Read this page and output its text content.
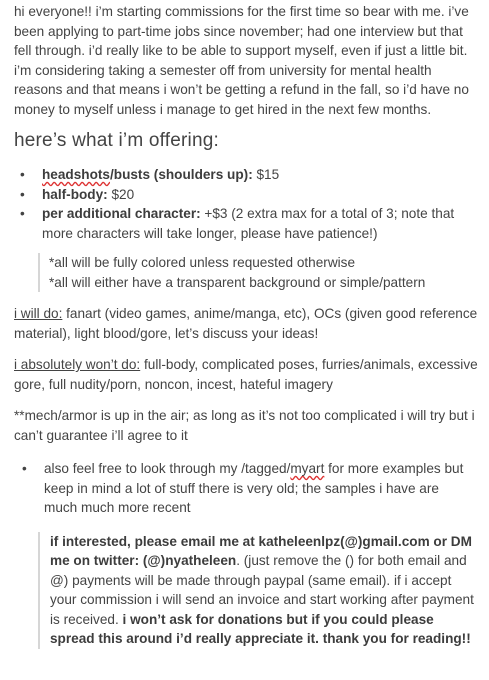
hi everyone!! i’m starting commissions for the first time so bear with me. i’ve been applying to part-time jobs since november; had one interview but that fell through. i’d really like to be able to support myself, even if just a little bit. i’m considering taking a semester off from university for mental health reasons and that means i won’t be getting a refund in the fall, so i’d have no money to myself unless i manage to get hired in the next few months.

here’s what i’m offering:
• headshots/busts (shoulders up): $15
• half-body: $20
• per additional character: +$3 (2 extra max for a total of 3; note that more characters will take longer, please have patience!)

*all will be fully colored unless requested otherwise

*all will either have a transparent background or simple/pattern

i will do: fanart (video games, anime/manga, etc), OCs (given good reference material), light blood/gore, let’s discuss your ideas!

i absolutely won’t do: full-body, complicated poses, furries/animals, excessive gore, full nudity/porn, noncon, incest, hateful imagery

**mech/armor is up in the air; as long as it’s not too complicated i will try but i can’t guarantee i’ll agree to it

• also feel free to look through my /tagged/myart for more examples but keep in mind a lot of stuff there is very old; the samples i have are much much more recent

if interested, please email me at katheleenlpz(@)gmail.com or DM me on twitter: (@)nyatheleen. (just remove the () for both email and @) payments will be made through paypal (same email). if i accept your commission i will send an invoice and start working after payment is received. i won’t ask for donations but if you could please spread this around i’d really appreciate it. thank you for reading!!
